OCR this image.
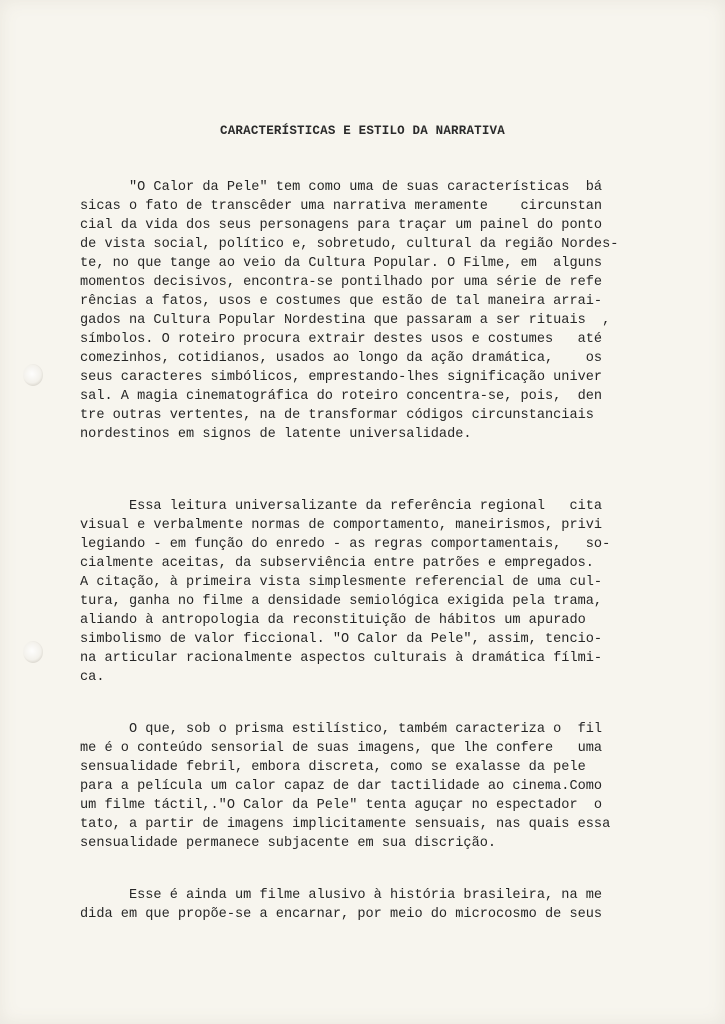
CARACTERÍSTICAS E ESTILO DA NARRATIVA
"O Calor da Pele" tem como uma de suas características  bá
sicas o fato de transcêder uma narrativa meramente    circunstan
cial da vida dos seus personagens para traçar um painel do ponto
de vista social, político e, sobretudo, cultural da região Nordes-
te, no que tange ao veio da Cultura Popular. O Filme, em  alguns
momentos decisivos, encontra-se pontilhado por uma série de refe
rências a fatos, usos e costumes que estão de tal maneira arrai-
gados na Cultura Popular Nordestina que passaram a ser rituais  ,
símbolos. O roteiro procura extrair destes usos e costumes   até
comezinhos, cotidianos, usados ao longo da ação dramática,    os
seus caracteres simbólicos, emprestando-lhes significação univer
sal. A magia cinematográfica do roteiro concentra-se, pois,  den
tre outras vertentes, na de transformar códigos circunstanciais
nordestinos em signos de latente universalidade.
Essa leitura universalizante da referência regional   cita
visual e verbalmente normas de comportamento, maneirismos, privi
legiando - em função do enredo - as regras comportamentais,   so-
cialmente aceitas, da subserviência entre patrões e empregados.
A citação, à primeira vista simplesmente referencial de uma cul-
tura, ganha no filme a densidade semiológica exigida pela trama,
aliando à antropologia da reconstituição de hábitos um apurado
simbolismo de valor ficcional. "O Calor da Pele", assim, tencio-
na articular racionalmente aspectos culturais à dramática fílmi-
ca.
O que, sob o prisma estilístico, também caracteriza o  fil
me é o conteúdo sensorial de suas imagens, que lhe confere   uma
sensualidade febril, embora discreta, como se exalasse da pele
para a película um calor capaz de dar tactilidade ao cinema.Como
um filme táctil,."O Calor da Pele" tenta aguçar no espectador  o
tato, a partir de imagens implicitamente sensuais, nas quais essa
sensualidade permanece subjacente em sua discrição.
Esse é ainda um filme alusivo à história brasileira, na me
dida em que propõe-se a encarnar, por meio do microcosmo de seus
